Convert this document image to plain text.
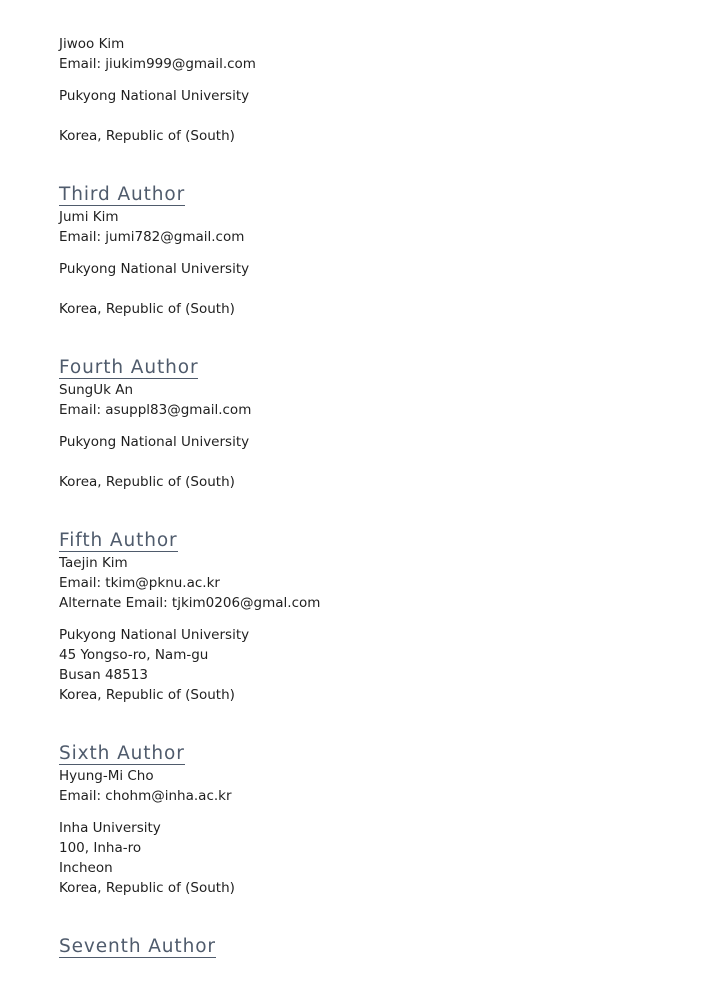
Jiwoo Kim
Email: jiukim999@gmail.com
Pukyong National University
Korea, Republic of (South)
Third Author
Jumi Kim
Email: jumi782@gmail.com
Pukyong National University
Korea, Republic of (South)
Fourth Author
SungUk An
Email: asuppl83@gmail.com
Pukyong National University
Korea, Republic of (South)
Fifth Author
Taejin Kim
Email: tkim@pknu.ac.kr
Alternate Email: tjkim0206@gmal.com
Pukyong National University
45 Yongso-ro, Nam-gu
Busan 48513
Korea, Republic of (South)
Sixth Author
Hyung-Mi Cho
Email: chohm@inha.ac.kr
Inha University
100, Inha-ro
Incheon
Korea, Republic of (South)
Seventh Author
